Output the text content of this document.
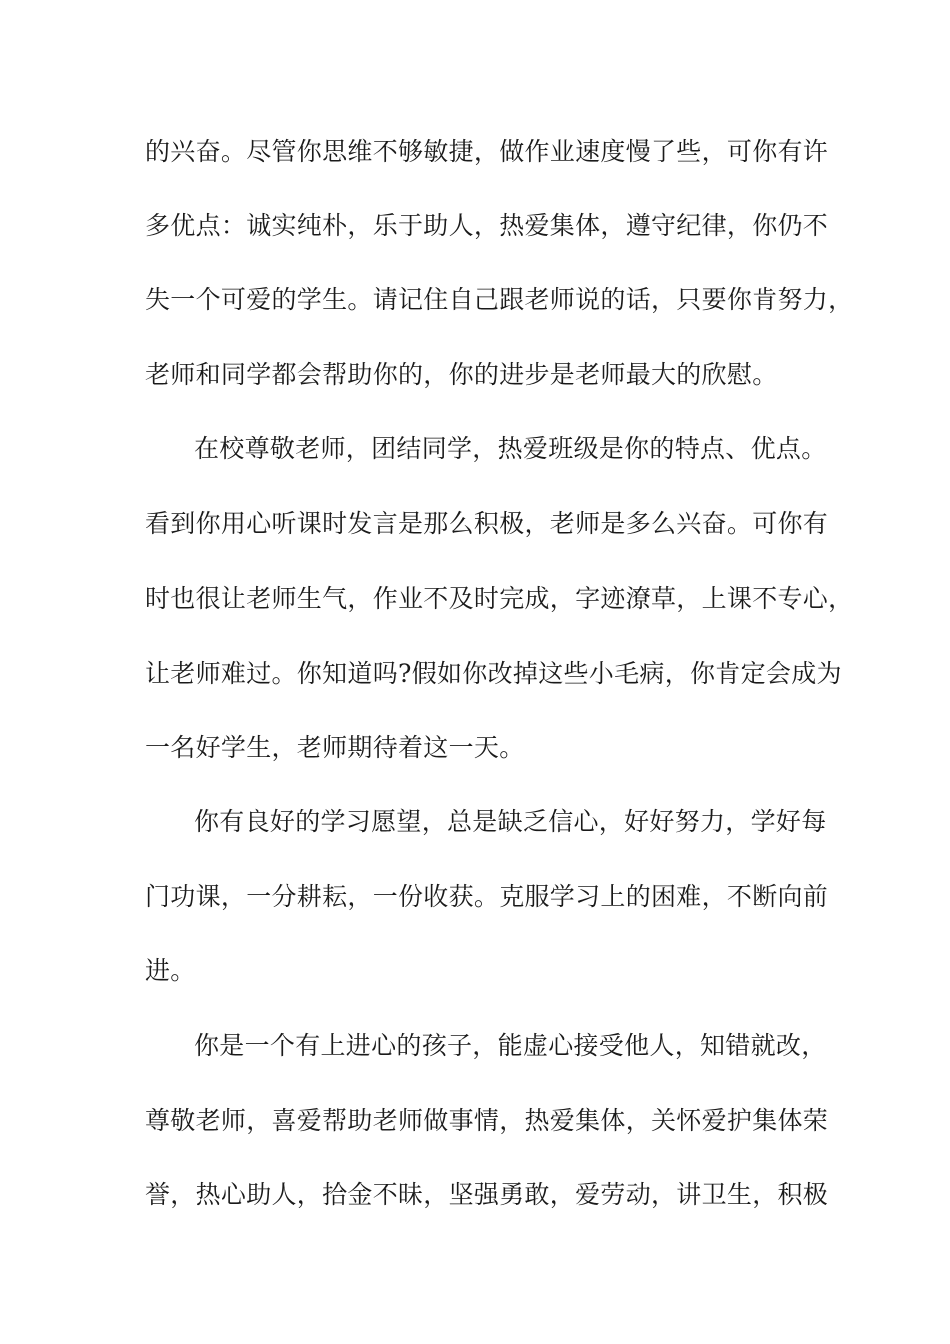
的兴奋。尽管你思维不够敏捷，做作业速度慢了些，可你有许
多优点：诚实纯朴，乐于助人，热爱集体，遵守纪律，你仍不
失一个可爱的学生。请记住自己跟老师说的话，只要你肯努力，
老师和同学都会帮助你的，你的进步是老师最大的欣慰。
在校尊敬老师，团结同学，热爱班级是你的特点、优点。
看到你用心听课时发言是那么积极，老师是多么兴奋。可你有
时也很让老师生气，作业不及时完成，字迹潦草，上课不专心，
让老师难过。你知道吗?假如你改掉这些小毛病，你肯定会成为
一名好学生，老师期待着这一天。
你有良好的学习愿望，总是缺乏信心，好好努力，学好每
门功课，一分耕耘，一份收获。克服学习上的困难，不断向前
进。
你是一个有上进心的孩子，能虚心接受他人，知错就改，
尊敬老师，喜爱帮助老师做事情，热爱集体，关怀爱护集体荣
誉，热心助人，拾金不昧，坚强勇敢，爱劳动，讲卫生，积极
